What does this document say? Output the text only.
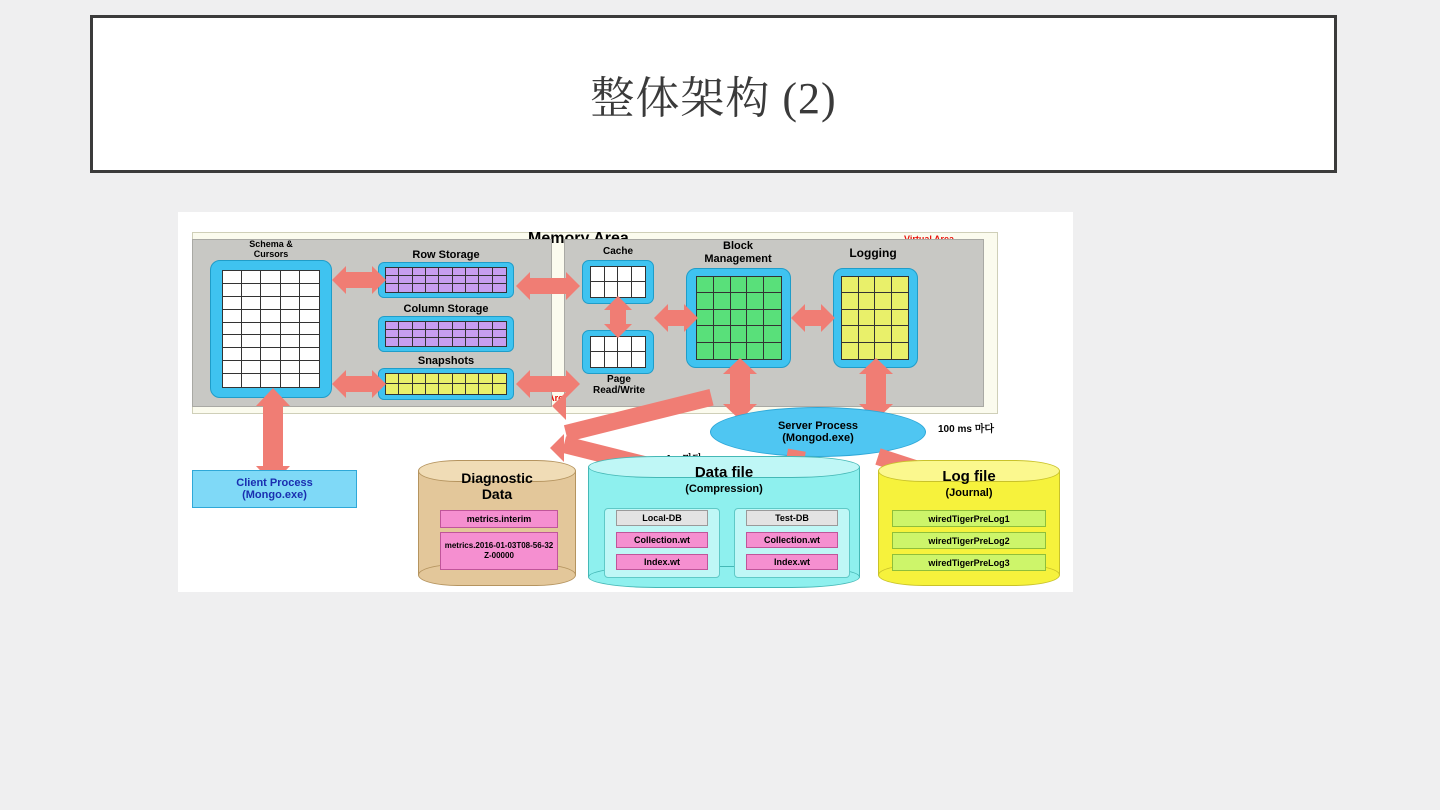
整体架构 (2)
Memory
Area
Schema &
Cursors	Row Storage
Column Storage
Snapshots
Cache
Page
Read/Write
Block
Management	Logging
Server Process
(Mongod.exe)
100 ms 마다
Client Process
(Mongo.exe)
Diagnostic
Data
metrics.interim
metrics.2016-01-03T08-56-32Z-00000
Data file
(Compression)
Local-DB
Collection.wt
Index.wt
Test-DB
Collection.wt
Index.wt
Log file
(Journal)
wiredTigerPreLog1
wiredTigerPreLog2
wiredTigerPreLog3
